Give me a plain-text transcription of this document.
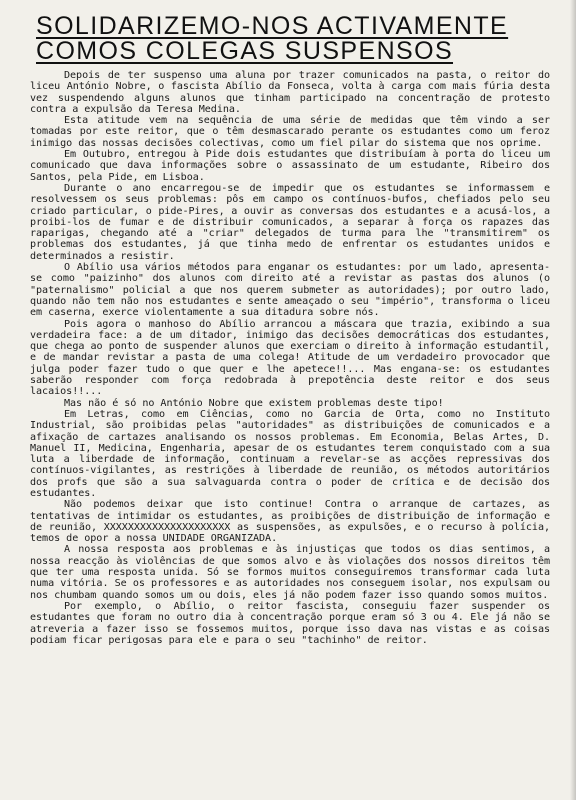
SOLIDARIZEMO-NOS ACTIVAMENTE
COMOS COLEGAS SUSPENSOS

Depois de ter suspenso uma aluna por trazer comunicados na pasta, o reitor do liceu António Nobre, o fascista Abílio da Fonseca, volta à carga com mais fúria desta vez suspendendo alguns alunos que tinham participado na concentração de protesto contra a expulsão da Teresa Medina.

Esta atitude vem na sequência de uma série de medidas que têm vindo a ser tomadas por este reitor, que o têm desmascarado perante os estudantes como um feroz inimigo das nossas decisões colectivas, como um fiel pilar do sistema que nos oprime.

Em Outubro, entregou à Pide dois estudantes que distribuíam à porta do liceu um comunicado que dava informações sobre o assassinato de um estudante, Ribeiro dos Santos, pela Pide, em Lisboa.

Durante o ano encarregou-se de impedir que os estudantes se informassem e resolvessem os seus problemas: pôs em campo os contínuos-bufos, chefiados pelo seu criado particular, o pide-Pires, a ouvir as conversas dos estudantes e a acusá-los, a proibi-los de fumar e de distribuir comunicados, a separar à força os rapazes das raparigas, chegando até a "criar" delegados de turma para lhe "transmitirem" os problemas dos estudantes, já que tinha medo de enfrentar os estudantes unidos e determinados a resistir.

O Abílio usa vários métodos para enganar os estudantes: por um lado, apresenta-se como "paizinho" dos alunos com direito até a revistar as pastas dos alunos (o "paternalismo" policial a que nos querem submeter as autoridades); por outro lado, quando não tem não nos estudantes e sente ameaçado o seu "império", transforma o liceu em caserna, exerce violentamente a sua ditadura sobre nós.

Pois agora o manhoso do Abílio arrancou a máscara que trazia, exibindo a sua verdadeira face: a de um ditador, inimigo das decisões democráticas dos estudantes, que chega ao ponto de suspender alunos que exerciam o direito à informação estudantil, e de mandar revistar a pasta de uma colega! Atitude de um verdadeiro provocador que julga poder fazer tudo o que quer e lhe apetece!!... Mas engana-se: os estudantes saberão responder com força redobrada à prepotência deste reitor e dos seus lacaios!!...

Mas não é só no António Nobre que existem problemas deste tipo!

Em Letras, como em Ciências, como no Garcia de Orta, como no Instituto Industrial, são proibidas pelas "autoridades" as distribuições de comunicados e a afixação de cartazes analisando os nossos problemas. Em Economia, Belas Artes, D. Manuel II, Medicina, Engenharia, apesar de os estudantes terem conquistado com a sua luta a liberdade de informação, continuam a revelar-se as acções repressivas dos contínuos-vigilantes, as restrições à liberdade de reunião, os métodos autoritários dos profs que são a sua salvaguarda contra o poder de crítica e de decisão dos estudantes.

Não podemos deixar que isto continue! Contra o arranque de cartazes, as tentativas de intimidar os estudantes, as proibições de distribuição de informação e de reunião, XXXXXXXXXXXXXXXXXXXXX as suspensões, as expulsões, e o recurso à polícia, temos de opor a nossa UNIDADE ORGANIZADA.

A nossa resposta aos problemas e às injustiças que todos os dias sentimos, a nossa reacção às violências de que somos alvo e às violações dos nossos direitos têm que ter uma resposta unida. Só se formos muitos conseguiremos transformar cada luta numa vitória. Se os professores e as autoridades nos conseguem isolar, nos expulsam ou nos chumbam quando somos um ou dois, eles já não podem fazer isso quando somos muitos.

Por exemplo, o Abílio, o reitor fascista, conseguiu fazer suspender os estudantes que foram no outro dia à concentração porque eram só 3 ou 4. Ele já não se atreveria a fazer isso se fossemos muitos, porque isso dava nas vistas e as coisas podiam ficar perigosas para ele e para o seu "tachinho" de reitor.
